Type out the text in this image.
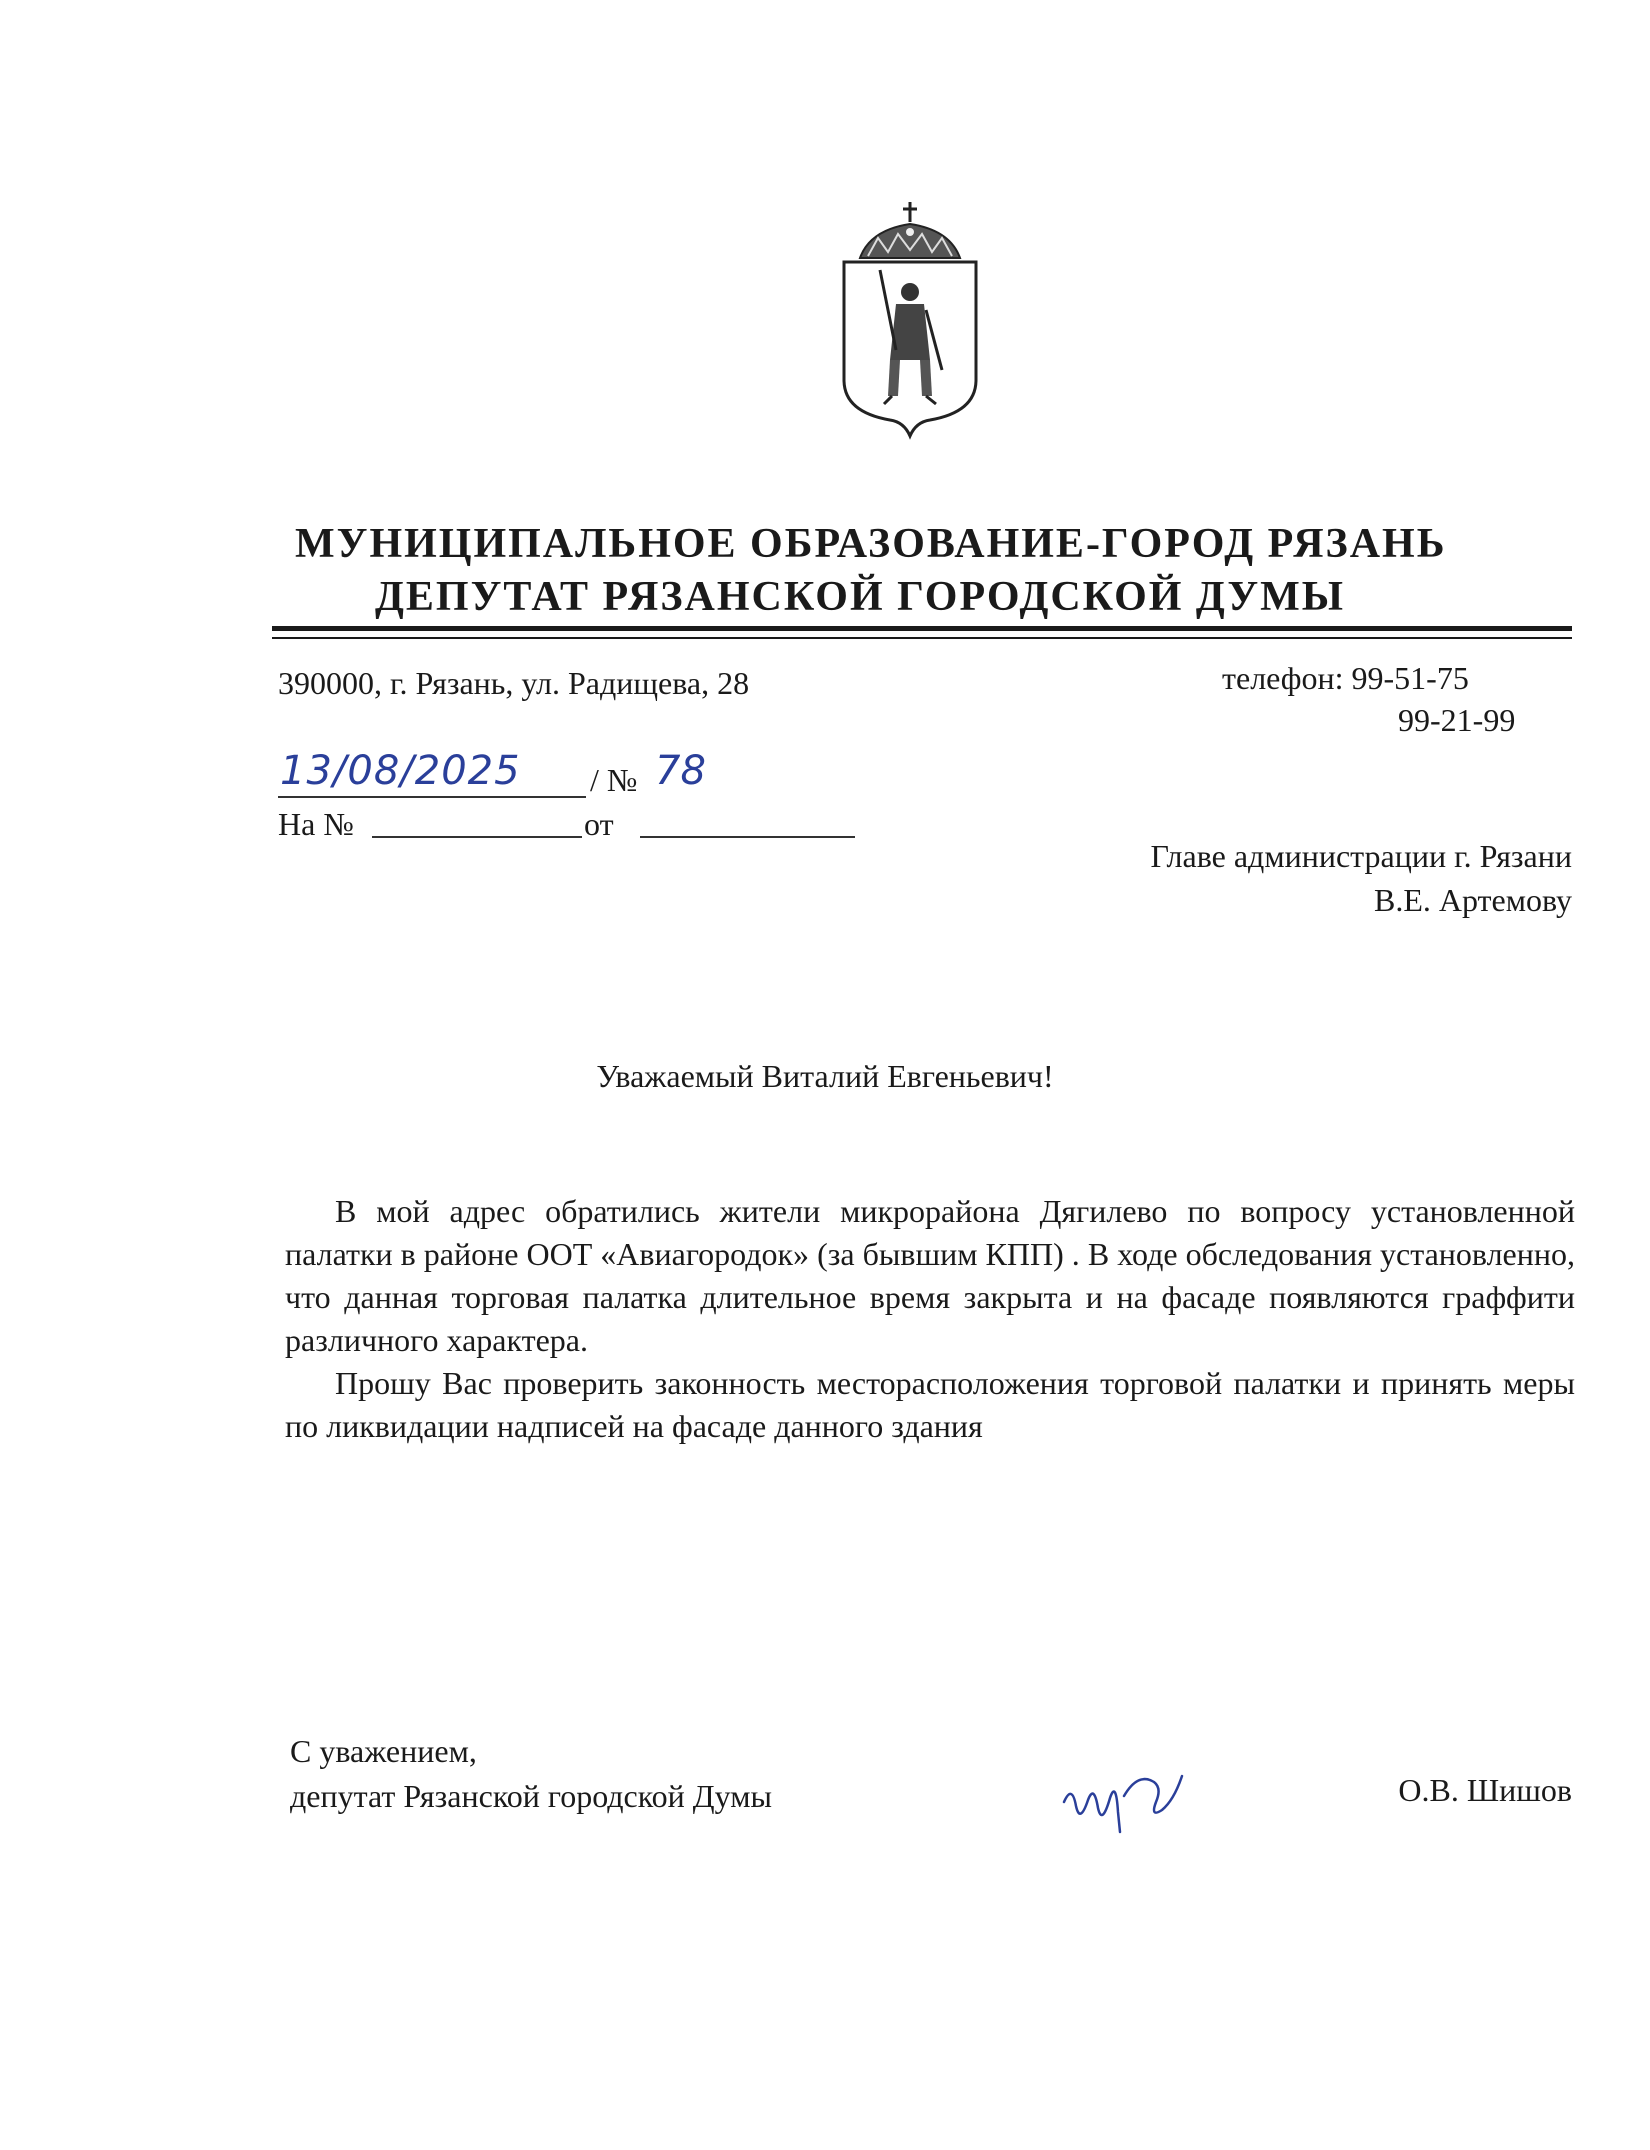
МУНИЦИПАЛЬНОЕ ОБРАЗОВАНИЕ-ГОРОД РЯЗАНЬ
ДЕПУТАТ РЯЗАНСКОЙ ГОРОДСКОЙ ДУМЫ
390000, г. Рязань, ул. Радищева, 28	телефон: 99-51-75
99-21-99
13/08/2025 / № 78
На №	от
Главе администрации г. Рязани
В.Е. Артемову
Уважаемый Виталий Евгеньевич!

В мой адрес обратились жители микрорайона Дягилево по вопросу установленной палатки в районе ООТ «Авиагородок» (за бывшим КПП) . В ходе обследования установленно, что данная торговая палатка длительное время закрыта и на фасаде появляются граффити различного характера.

Прошу Вас проверить законность месторасположения торговой палатки и принять меры по ликвидации надписей на фасаде данного здания

С уважением,
депутат Рязанской городской Думы	О.В. Шишов
